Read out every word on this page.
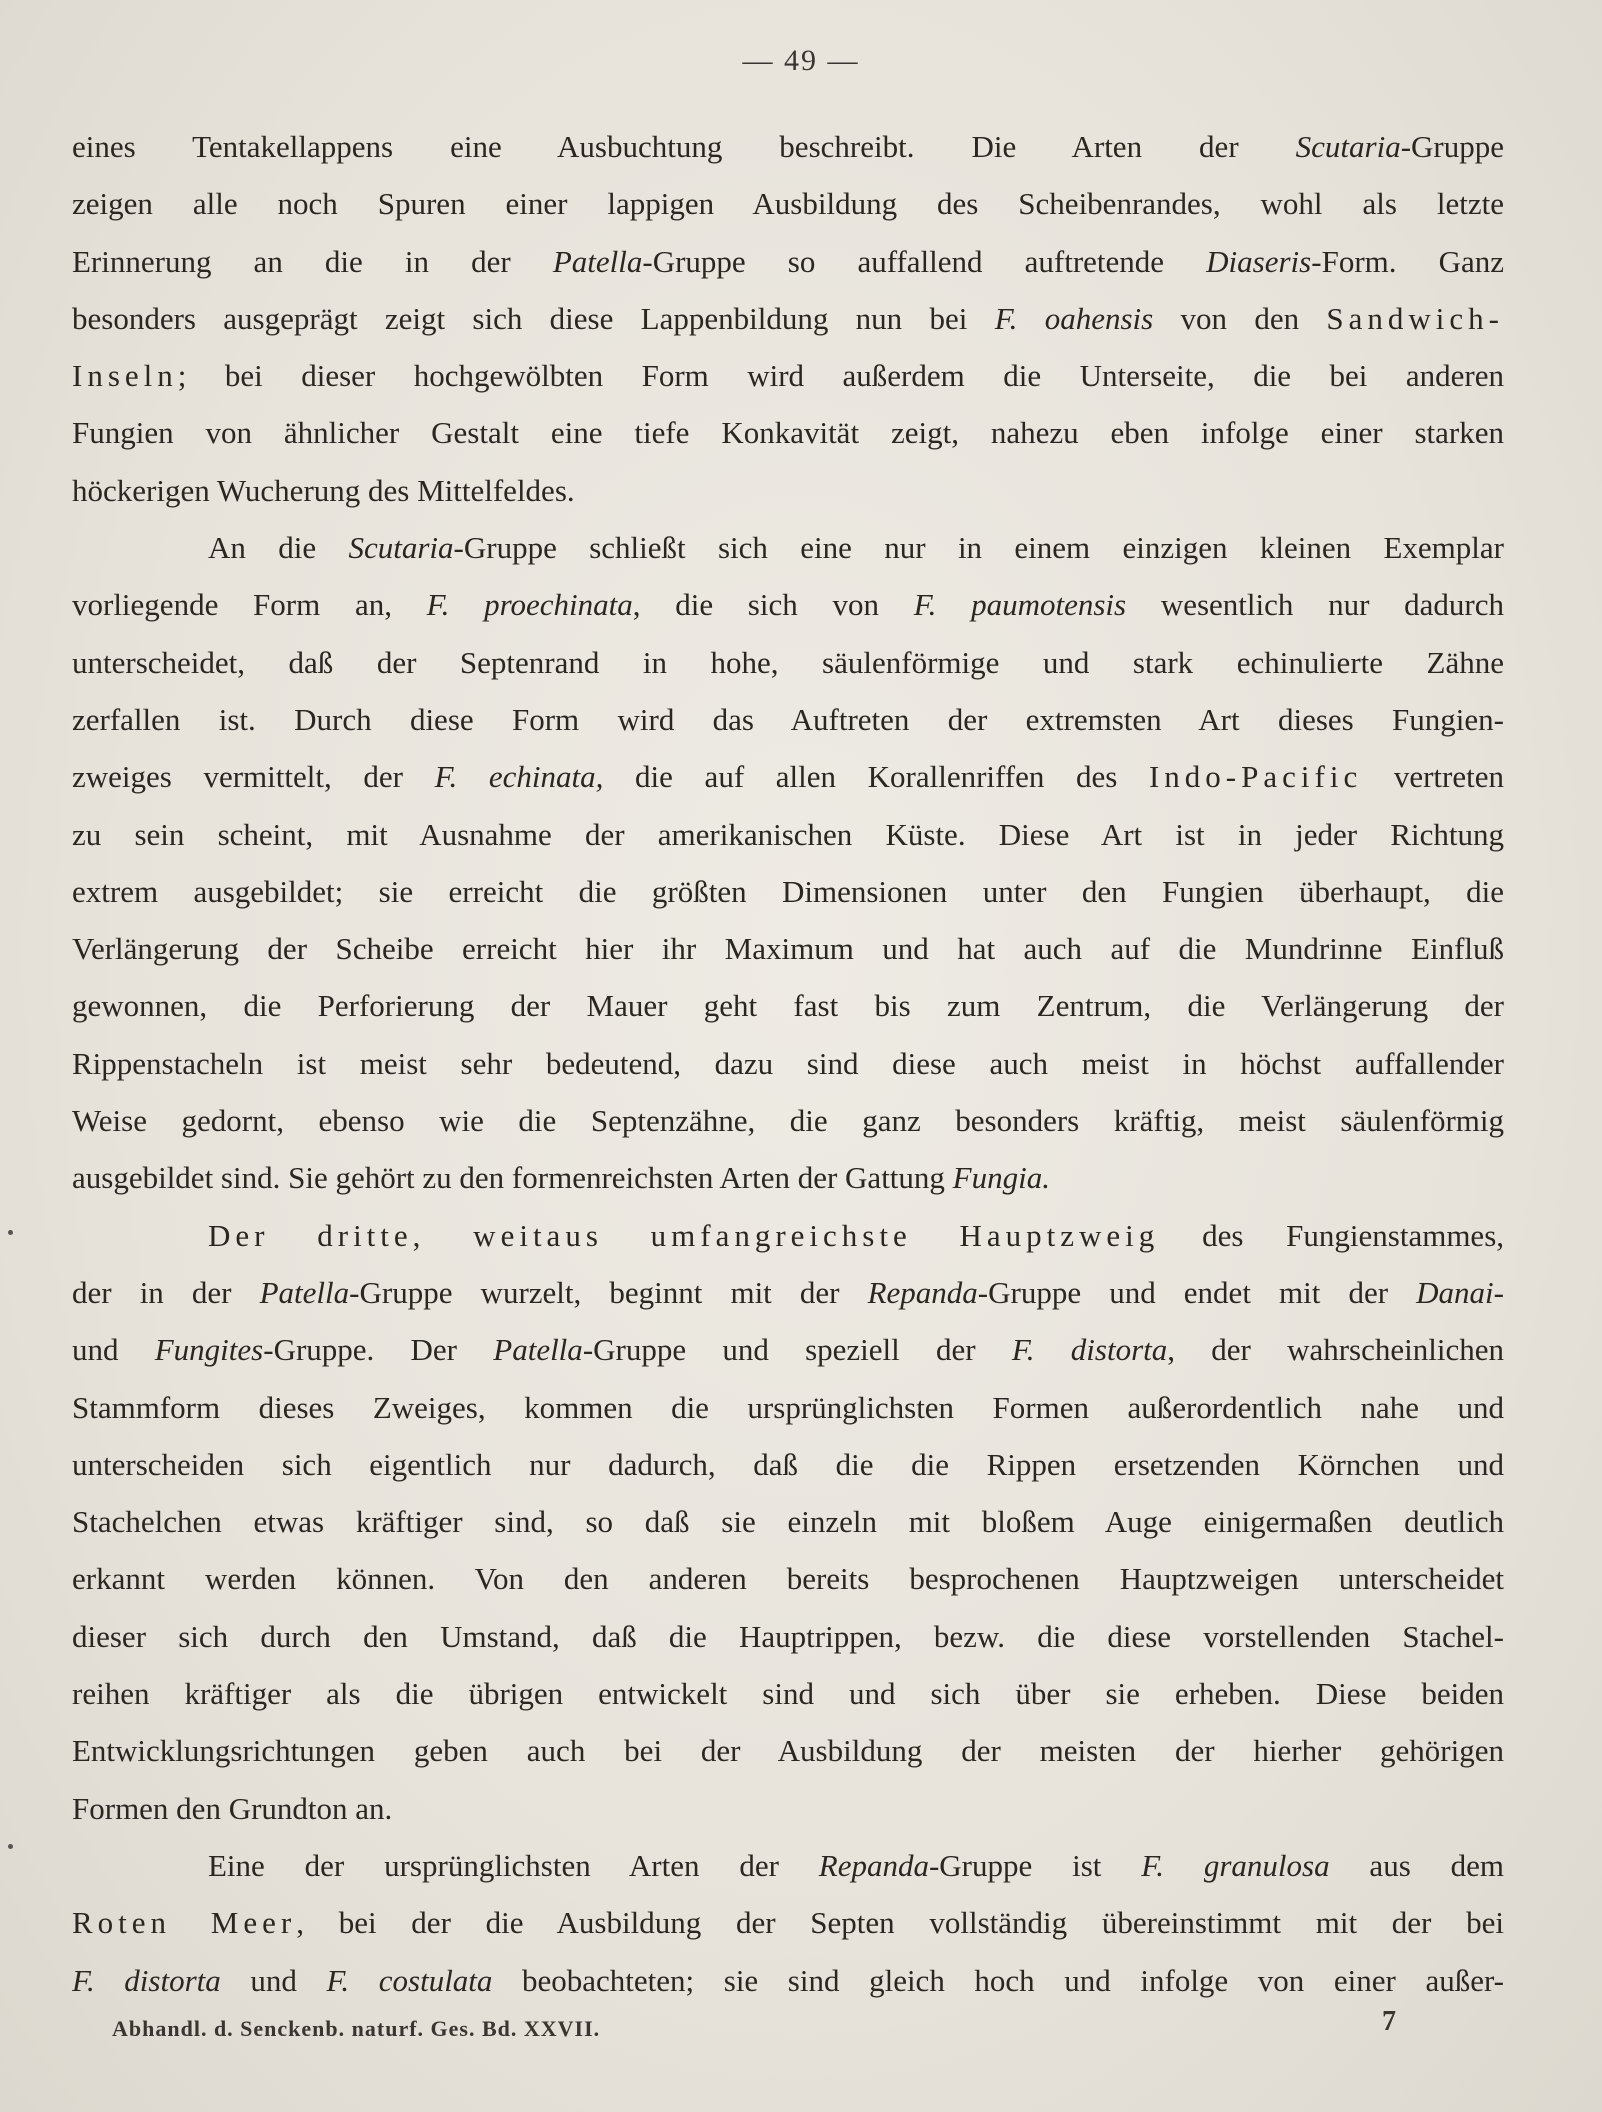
— 49 —
eines Tentakellappens eine Ausbuchtung beschreibt. Die Arten der Scutaria-Gruppe
zeigen alle noch Spuren einer lappigen Ausbildung des Scheibenrandes, wohl als letzte
Erinnerung an die in der Patella-Gruppe so auffallend auftretende Diaseris-Form. Ganz
besonders ausgeprägt zeigt sich diese Lappenbildung nun bei F. oahensis von den Sandwich-
Inseln; bei dieser hochgewölbten Form wird außerdem die Unterseite, die bei anderen
Fungien von ähnlicher Gestalt eine tiefe Konkavität zeigt, nahezu eben infolge einer starken
höckerigen Wucherung des Mittelfeldes.
An die Scutaria-Gruppe schließt sich eine nur in einem einzigen kleinen Exemplar
vorliegende Form an, F. proechinata, die sich von F. paumotensis wesentlich nur dadurch
unterscheidet, daß der Septenrand in hohe, säulenförmige und stark echinulierte Zähne
zerfallen ist. Durch diese Form wird das Auftreten der extremsten Art dieses Fungien-
zweiges vermittelt, der F. echinata, die auf allen Korallenriffen des Indo-Pacific vertreten
zu sein scheint, mit Ausnahme der amerikanischen Küste. Diese Art ist in jeder Richtung
extrem ausgebildet; sie erreicht die größten Dimensionen unter den Fungien überhaupt, die
Verlängerung der Scheibe erreicht hier ihr Maximum und hat auch auf die Mundrinne Einfluß
gewonnen, die Perforierung der Mauer geht fast bis zum Zentrum, die Verlängerung der
Rippenstacheln ist meist sehr bedeutend, dazu sind diese auch meist in höchst auffallender
Weise gedornt, ebenso wie die Septenzähne, die ganz besonders kräftig, meist säulenförmig
ausgebildet sind. Sie gehört zu den formenreichsten Arten der Gattung Fungia.
Der dritte, weitaus umfangreichste Hauptzweig des Fungienstammes,
der in der Patella-Gruppe wurzelt, beginnt mit der Repanda-Gruppe und endet mit der Danai-
und Fungites-Gruppe. Der Patella-Gruppe und speziell der F. distorta, der wahrscheinlichen
Stammform dieses Zweiges, kommen die ursprünglichsten Formen außerordentlich nahe und
unterscheiden sich eigentlich nur dadurch, daß die die Rippen ersetzenden Körnchen und
Stachelchen etwas kräftiger sind, so daß sie einzeln mit bloßem Auge einigermaßen deutlich
erkannt werden können. Von den anderen bereits besprochenen Hauptzweigen unterscheidet
dieser sich durch den Umstand, daß die Hauptrippen, bezw. die diese vorstellenden Stachel-
reihen kräftiger als die übrigen entwickelt sind und sich über sie erheben. Diese beiden
Entwicklungsrichtungen geben auch bei der Ausbildung der meisten der hierher gehörigen
Formen den Grundton an.
Eine der ursprünglichsten Arten der Repanda-Gruppe ist F. granulosa aus dem
Roten Meer, bei der die Ausbildung der Septen vollständig übereinstimmt mit der bei
F. distorta und F. costulata beobachteten; sie sind gleich hoch und infolge von einer außer-
Abhandl. d. Senckenb. naturf. Ges. Bd. XXVII.	7
